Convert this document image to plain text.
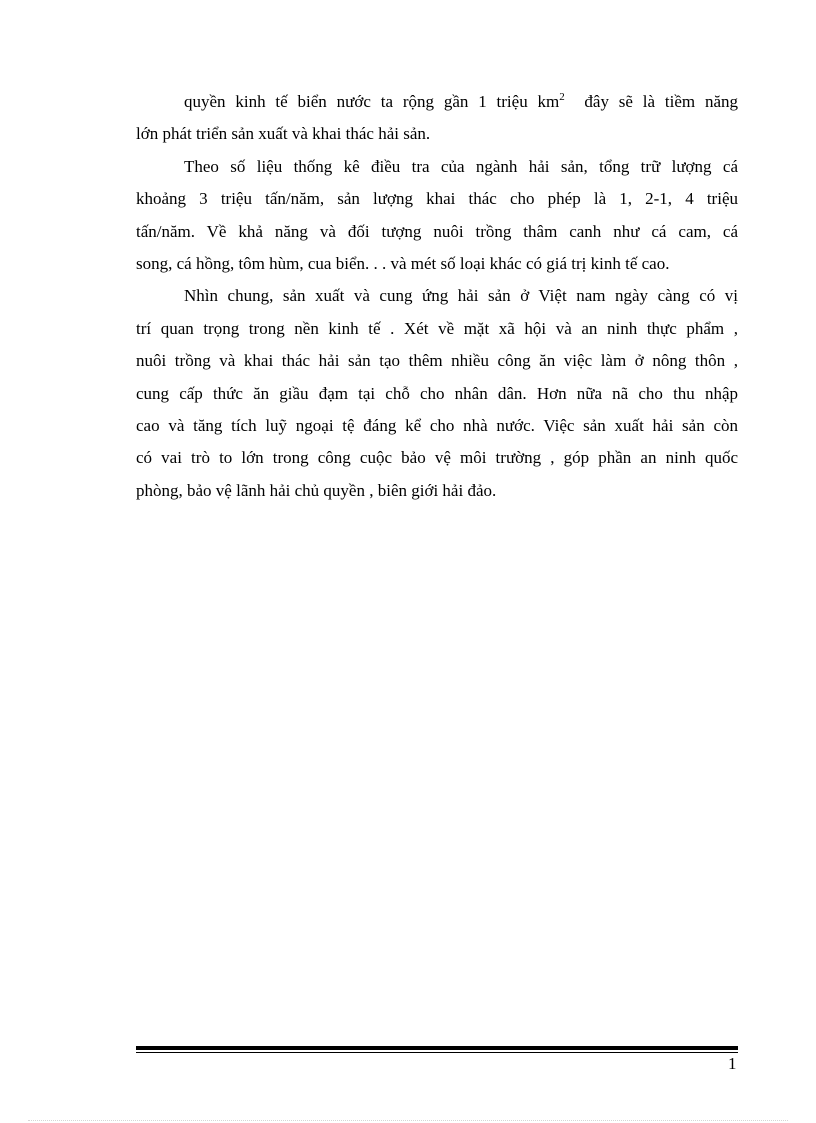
quyền kinh tế biển nước ta rộng gần 1 triệu $km^2$  đây sẽ là tiềm năng
lớn phát triển sản xuất và khai thác hải sản.
Theo số liệu thống kê điều tra của ngành hải sản, tổng trữ lượng cá
khoảng 3 triệu tấn/năm, sản lượng khai thác cho phép là 1, 2-1, 4 triệu
tấn/năm. Về khả năng và đối tượng nuôi trồng thâm canh như cá cam, cá
song, cá hồng, tôm hùm, cua biển. . . và mét số loại khác có giá trị kinh tế cao.
Nhìn chung, sản xuất và cung ứng hải sản ở Việt nam ngày càng có vị
trí quan trọng trong nền kinh tế . Xét về mặt xã hội và an ninh thực phẩm ,
nuôi trồng và khai thác hải sản tạo thêm nhiều công ăn việc làm ở nông thôn ,
cung cấp thức ăn giầu đạm tại chỗ cho nhân dân. Hơn nữa nã cho thu nhập
cao và tăng tích luỹ ngoại tệ đáng kể cho nhà nước. Việc sản xuất hải sản còn
có vai trò to lớn trong công cuộc bảo vệ môi trường , góp phần an ninh quốc
phòng, bảo vệ lãnh hải chủ quyền , biên giới hải đảo.
1
